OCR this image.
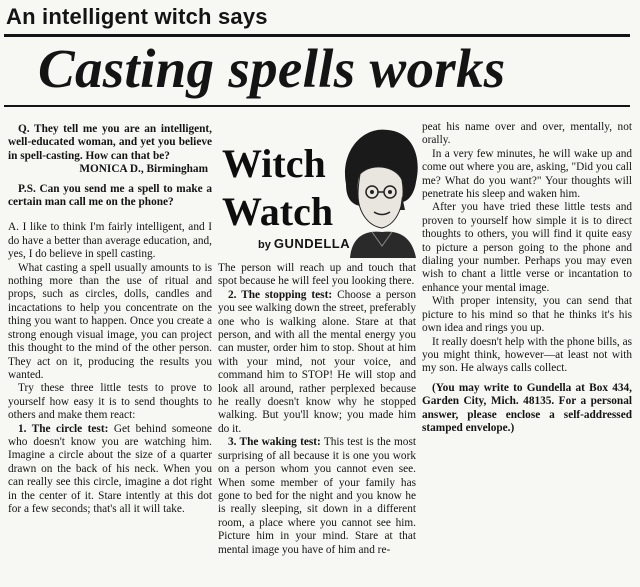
An intelligent witch says
Casting spells works

Q. They tell me you are an intelligent, well-educated woman, and yet you believe in spell-casting. How can that be?

MONICA D., Birmingham

P.S. Can you send me a spell to make a certain man call me on the phone?

A. I like to think I'm fairly intelligent, and I do have a better than average education, and, yes, I do believe in spell casting.

What casting a spell usually amounts to is nothing more than the use of ritual and props, such as circles, dolls, candles and incactations to help you concentrate on the thing you want to happen. Once you create a strong enough visual image, you can project this thought to the mind of the other person. They act on it, producing the results you wanted.

Try these three little tests to prove to yourself how easy it is to send thoughts to others and make them react:

1. The circle test: Get behind someone who doesn't know you are watching him. Imagine a circle about the size of a quarter drawn on the back of his neck. When you can really see this circle, imagine a dot right in the center of it. Stare intently at this dot for a few seconds; that's all it will take.

Witch
Watch
by GUNDELLA

The person will reach up and touch that spot because he will feel you looking there.

2. The stopping test: Choose a person you see walking down the street, preferably one who is walking alone. Stare at that person, and with all the mental energy you can muster, order him to stop. Shout at him with your mind, not your voice, and command him to STOP! He will stop and look all around, rather perplexed because he really doesn't know why he stopped walking. But you'll know; you made him do it.

3. The waking test: This test is the most surprising of all because it is one you work on a person whom you cannot even see. When some member of your family has gone to bed for the night and you know he is really sleeping, sit down in a different room, a place where you cannot see him. Picture him in your mind. Stare at that mental image you have of him and re-

peat his name over and over, mentally, not orally.

In a very few minutes, he will wake up and come out where you are, asking, "Did you call me? What do you want?" Your thoughts will penetrate his sleep and waken him.

After you have tried these little tests and proven to yourself how simple it is to direct thoughts to others, you will find it quite easy to picture a person going to the phone and dialing your number. Perhaps you may even wish to chant a little verse or incantation to enhance your mental image.

With proper intensity, you can send that picture to his mind so that he thinks it's his own idea and rings you up.

It really doesn't help with the phone bills, as you might think, however—at least not with my son. He always calls collect.

(You may write to Gundella at Box 434, Garden City, Mich. 48135. For a personal answer, please enclose a self-addressed stamped envelope.)
